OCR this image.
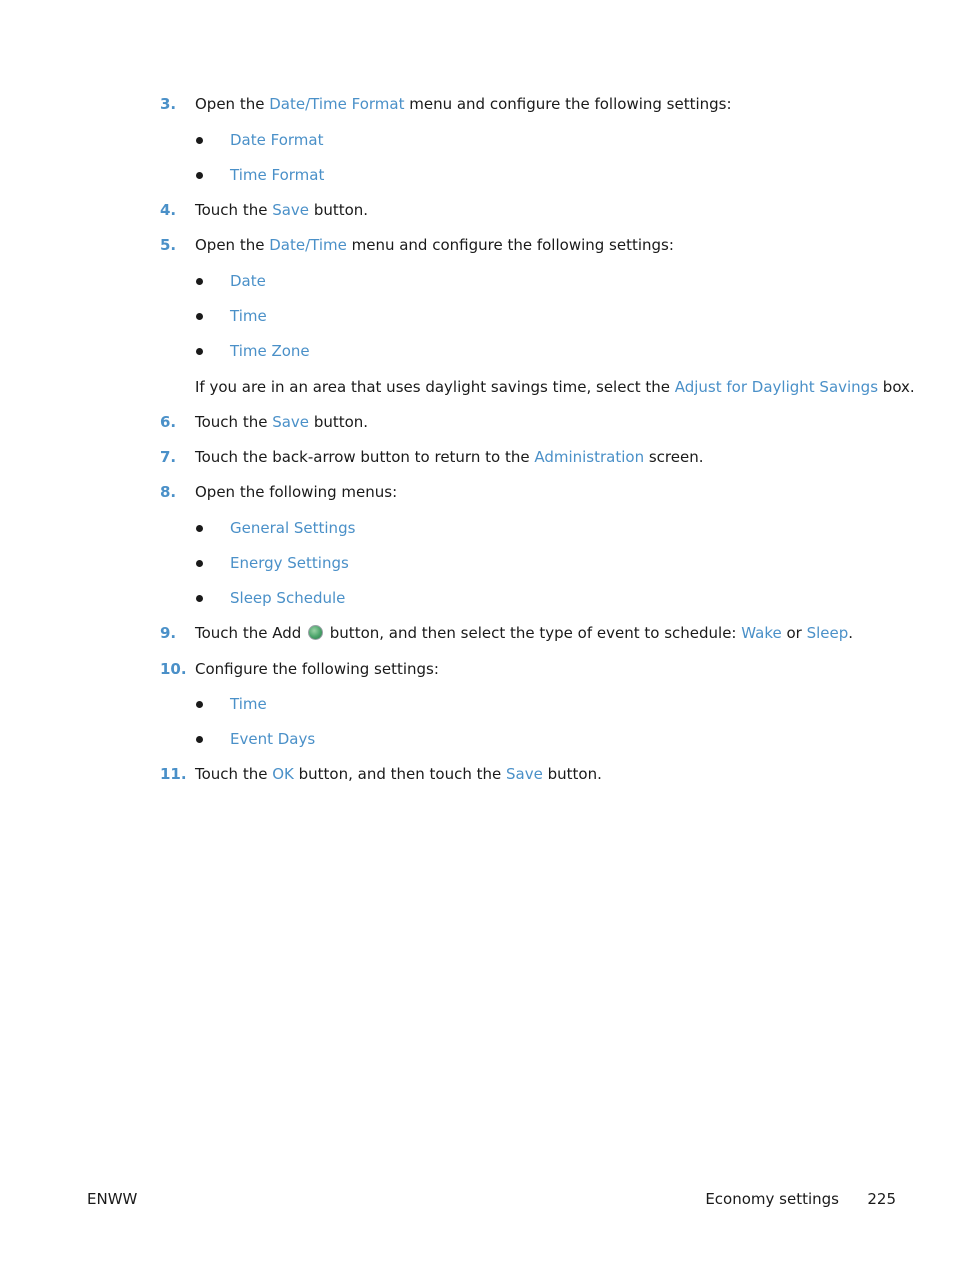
3. Open the Date/Time Format menu and configure the following settings:
Date Format
Time Format
4. Touch the Save button.
5. Open the Date/Time menu and configure the following settings:
Date
Time
Time Zone
If you are in an area that uses daylight savings time, select the Adjust for Daylight Savings box.
6. Touch the Save button.
7. Touch the back-arrow button to return to the Administration screen.
8. Open the following menus:
General Settings
Energy Settings
Sleep Schedule
9. Touch the Add  button, and then select the type of event to schedule: Wake or Sleep.
10. Configure the following settings:
Time
Event Days
11. Touch the OK button, and then touch the Save button.
ENWW	Economy settings 225
